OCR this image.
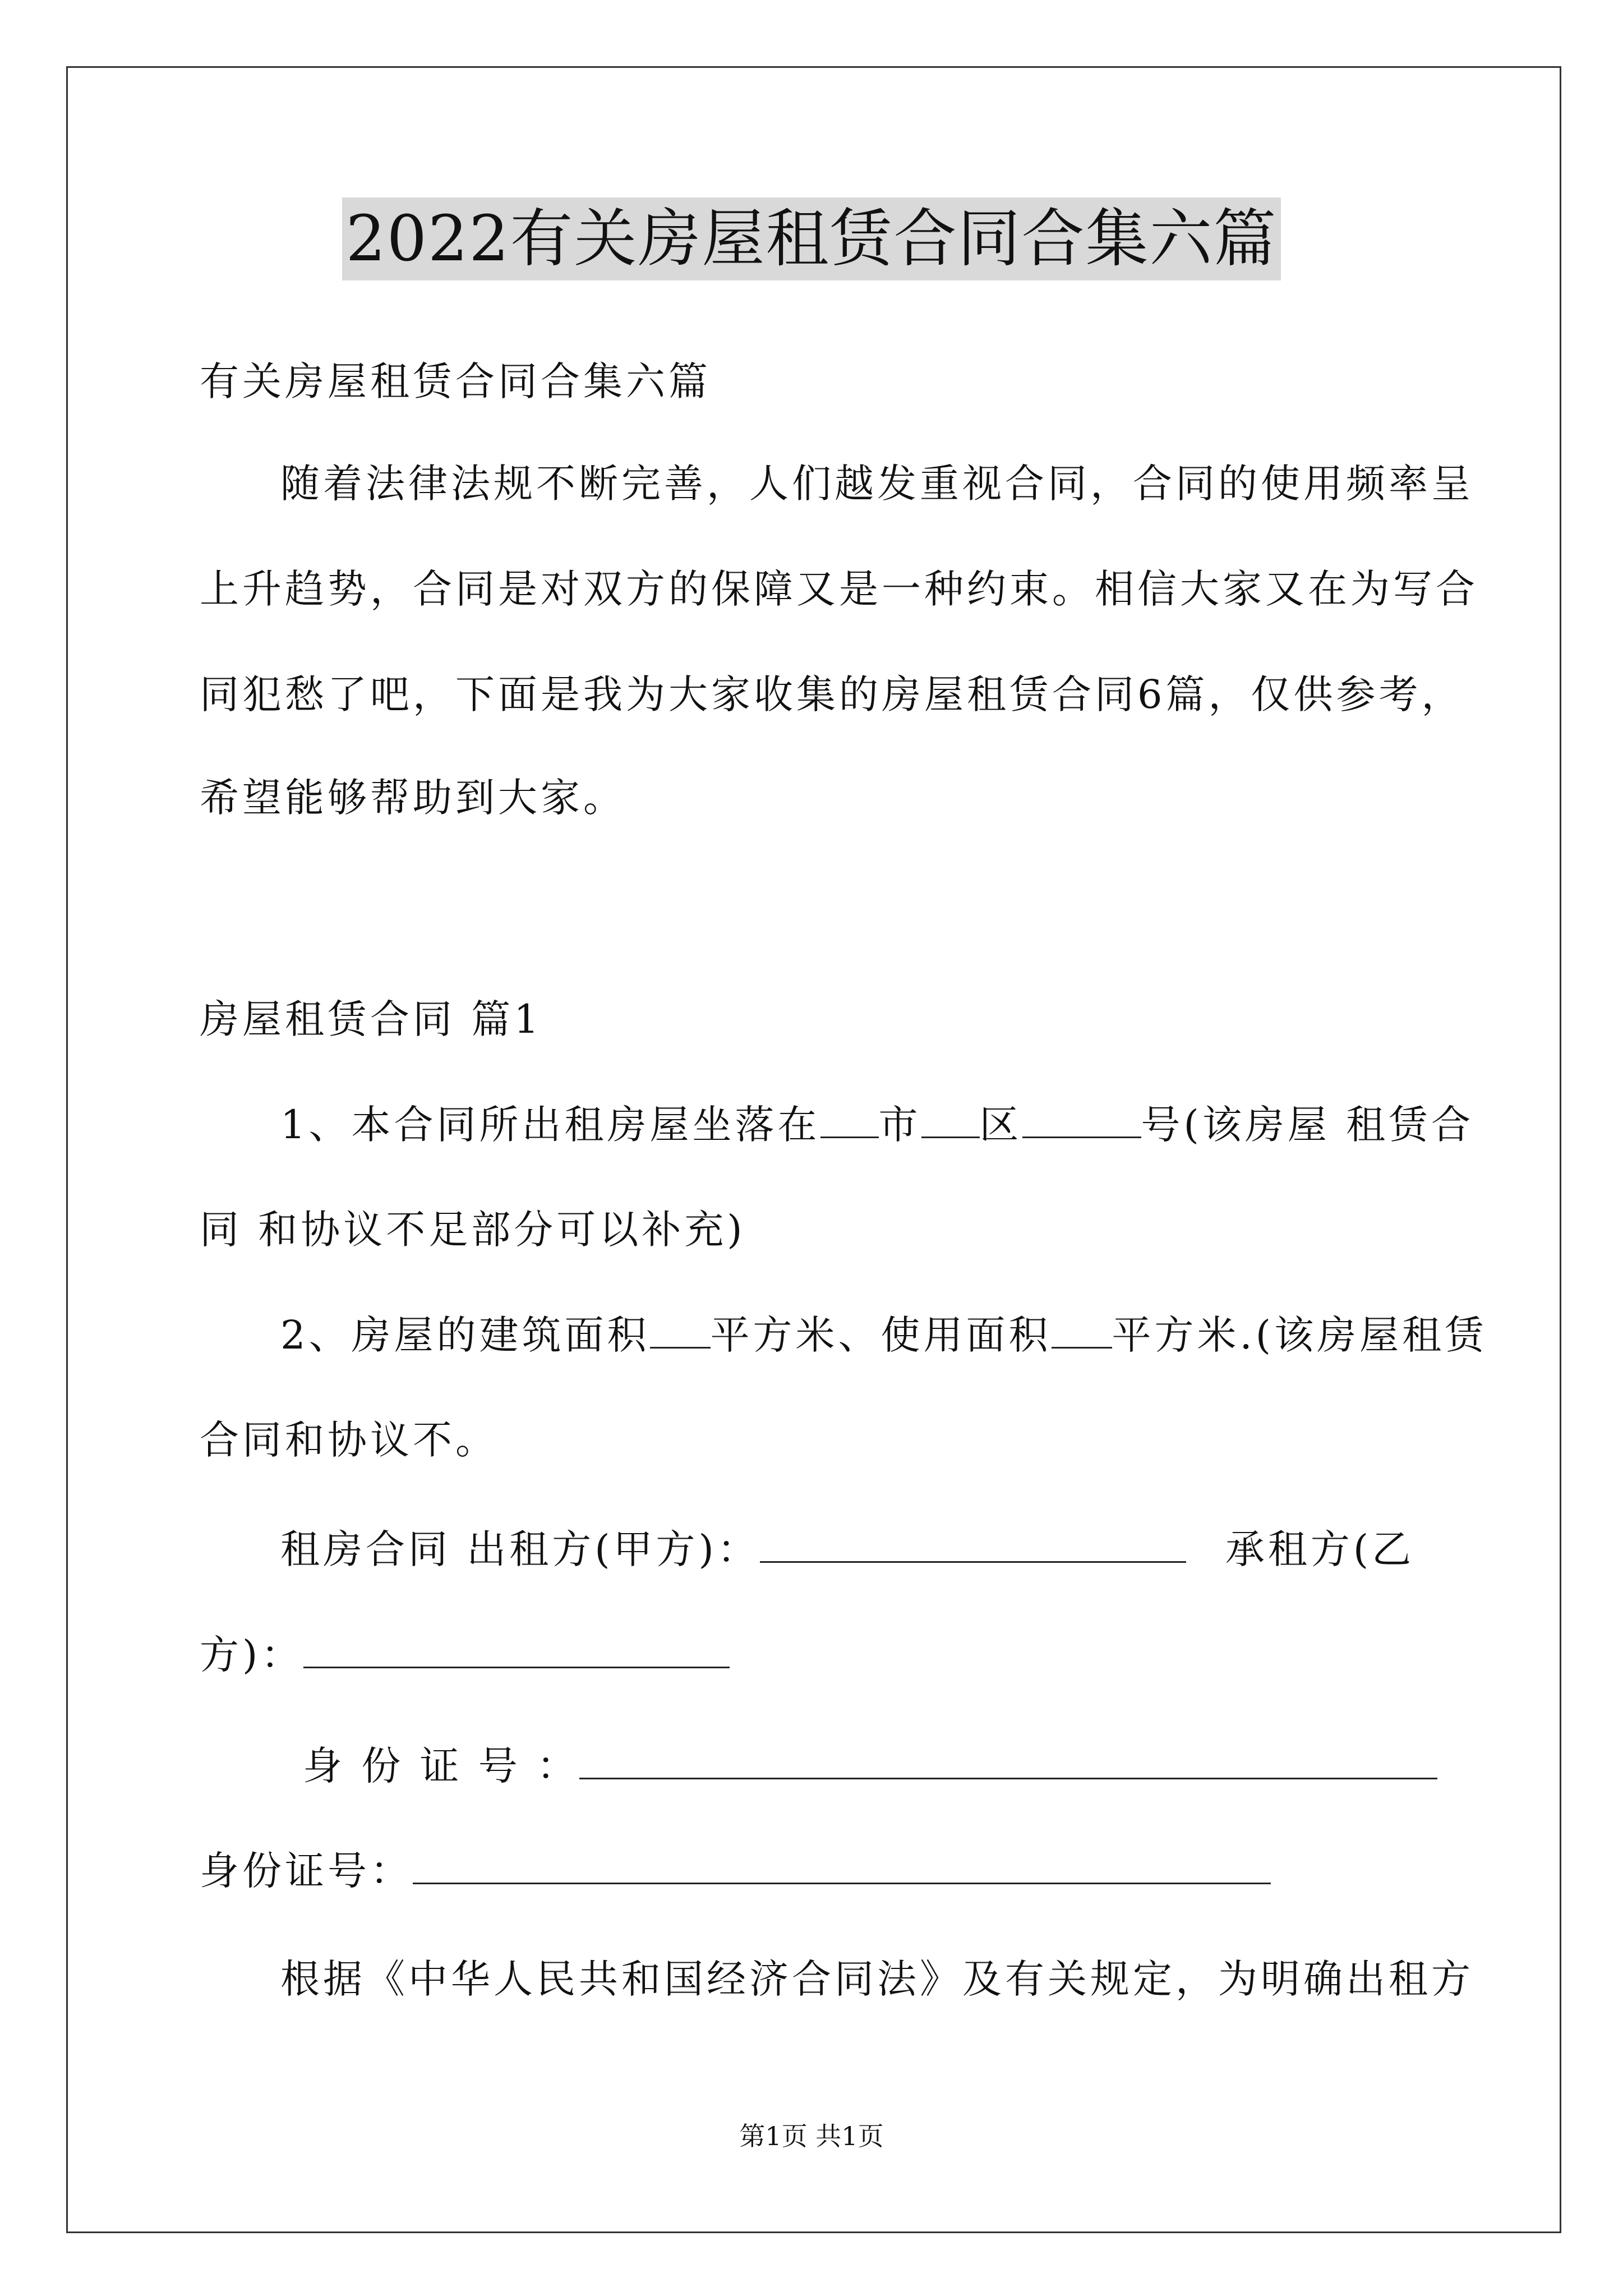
2022有关房屋租赁合同合集六篇
有关房屋租赁合同合集六篇
随着法律法规不断完善，人们越发重视合同，合同的使用频率呈
上升趋势，合同是对双方的保障又是一种约束。相信大家又在为写合
同犯愁了吧，下面是我为大家收集的房屋租赁合同6篇，仅供参考，
希望能够帮助到大家。
房屋租赁合同 篇1
1、本合同所出租房屋坐落在 市 区	号(该房屋 租赁合
同 和协议不足部分可以补充)
2、房屋的建筑面积 平方米、使用面积 平方米.(该房屋租赁
合同和协议不。
租房合同 出租方(甲方)：	承租方(乙
方)：
身 份 证 号 ：
身份证号：
根据《中华人民共和国经济合同法》及有关规定，为明确出租方
第1页 共1页
